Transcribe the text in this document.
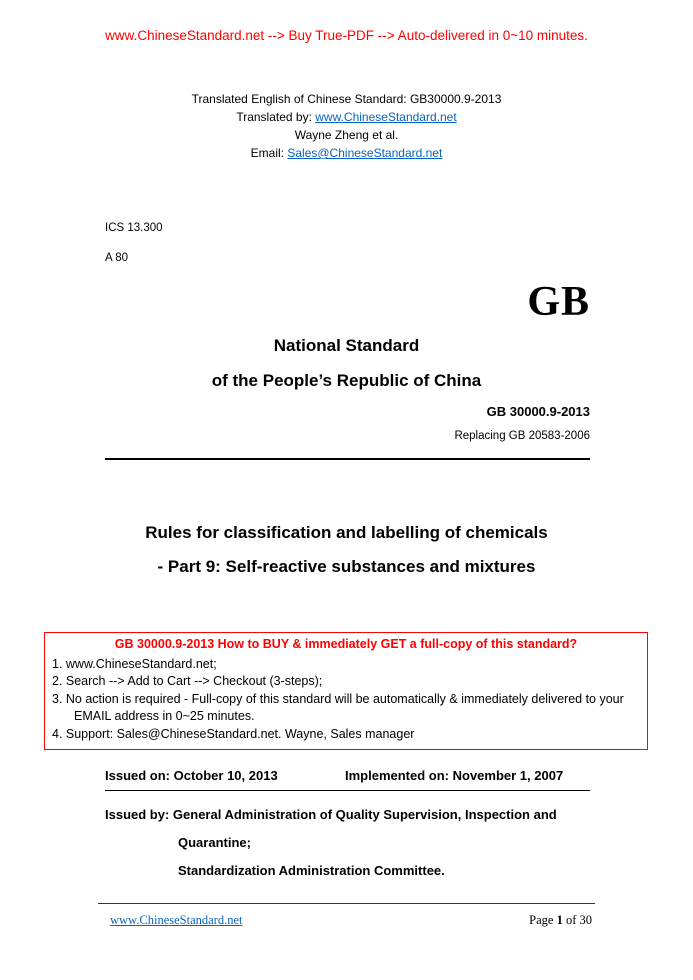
www.ChineseStandard.net --> Buy True-PDF --> Auto-delivered in 0~10 minutes.
Translated English of Chinese Standard: GB30000.9-2013
Translated by: www.ChineseStandard.net
Wayne Zheng et al.
Email: Sales@ChineseStandard.net
ICS 13.300
A 80
GB
National Standard
of the People’s Republic of China
GB 30000.9-2013
Replacing GB 20583-2006
Rules for classification and labelling of chemicals
- Part 9: Self-reactive substances and mixtures
GB 30000.9-2013 How to BUY & immediately GET a full-copy of this standard?
1. www.ChineseStandard.net;
2. Search --> Add to Cart --> Checkout (3-steps);
3. No action is required - Full-copy of this standard will be automatically & immediately delivered to your EMAIL address in 0~25 minutes.
4. Support: Sales@ChineseStandard.net. Wayne, Sales manager
Issued on: October 10, 2013	Implemented on: November 1, 2007
Issued by: General Administration of Quality Supervision, Inspection and
Quarantine;
Standardization Administration Committee.
www.ChineseStandard.net	Page 1 of 30
